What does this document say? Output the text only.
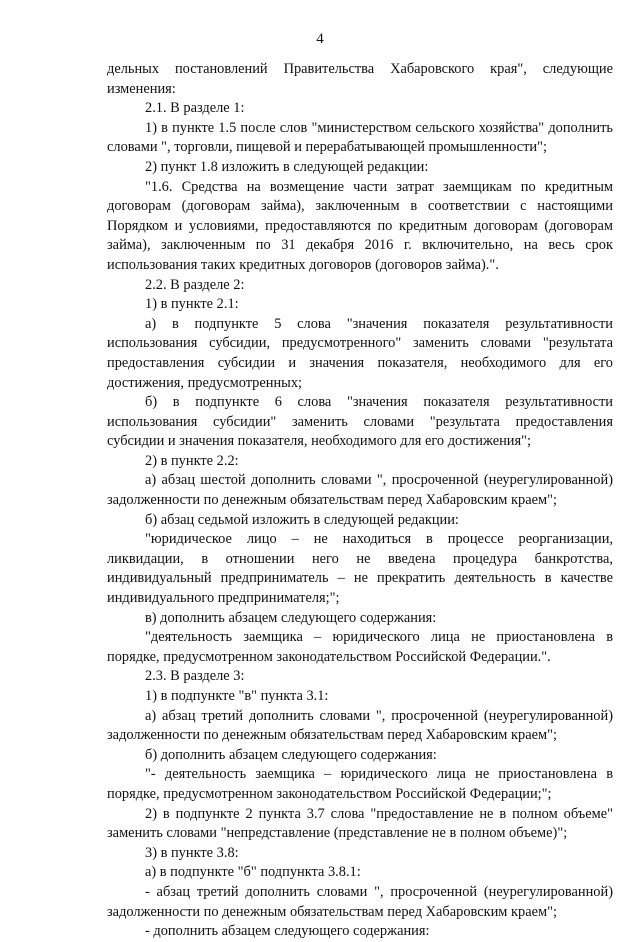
4

дельных постановлений Правительства Хабаровского края", следующие изменения:

2.1. В разделе 1:

1) в пункте 1.5 после слов "министерством сельского хозяйства" дополнить словами ", торговли, пищевой и перерабатывающей промышленности";

2) пункт 1.8 изложить в следующей редакции:

"1.6. Средства на возмещение части затрат заемщикам по кредитным договорам (договорам займа), заключенным в соответствии с настоящими Порядком и условиями, предоставляются по кредитным договорам (договорам займа), заключенным по 31 декабря 2016 г. включительно, на весь срок использования таких кредитных договоров (договоров займа).".

2.2. В разделе 2:

1) в пункте 2.1:

а) в подпункте 5 слова "значения показателя результативности использования субсидии, предусмотренного" заменить словами "результата предоставления субсидии и значения показателя, необходимого для его достижения, предусмотренных;

б) в подпункте 6 слова "значения показателя результативности использования субсидии" заменить словами "результата предоставления субсидии и значения показателя, необходимого для его достижения";

2) в пункте 2.2:

а) абзац шестой дополнить словами ", просроченной (неурегулированной) задолженности по денежным обязательствам перед Хабаровским краем";

б) абзац седьмой изложить в следующей редакции:

"юридическое лицо – не находиться в процессе реорганизации, ликвидации, в отношении него не введена процедура банкротства, индивидуальный предприниматель – не прекратить деятельность в качестве индивидуального предпринимателя;";

в) дополнить абзацем следующего содержания:

"деятельность заемщика – юридического лица не приостановлена в порядке, предусмотренном законодательством Российской Федерации.".

2.3. В разделе 3:

1) в подпункте "в" пункта 3.1:

а) абзац третий дополнить словами ", просроченной (неурегулированной) задолженности по денежным обязательствам перед Хабаровским краем";

б) дополнить абзацем следующего содержания:

"- деятельность заемщика – юридического лица не приостановлена в порядке, предусмотренном законодательством Российской Федерации;";

2) в подпункте 2 пункта 3.7 слова "предоставление не в полном объеме" заменить словами "непредставление (представление не в полном объеме)";

3) в пункте 3.8:

а) в подпункте "б" подпункта 3.8.1:

- абзац третий дополнить словами ", просроченной (неурегулированной) задолженности по денежным обязательствам перед Хабаровским краем";

- дополнить абзацем следующего содержания:
